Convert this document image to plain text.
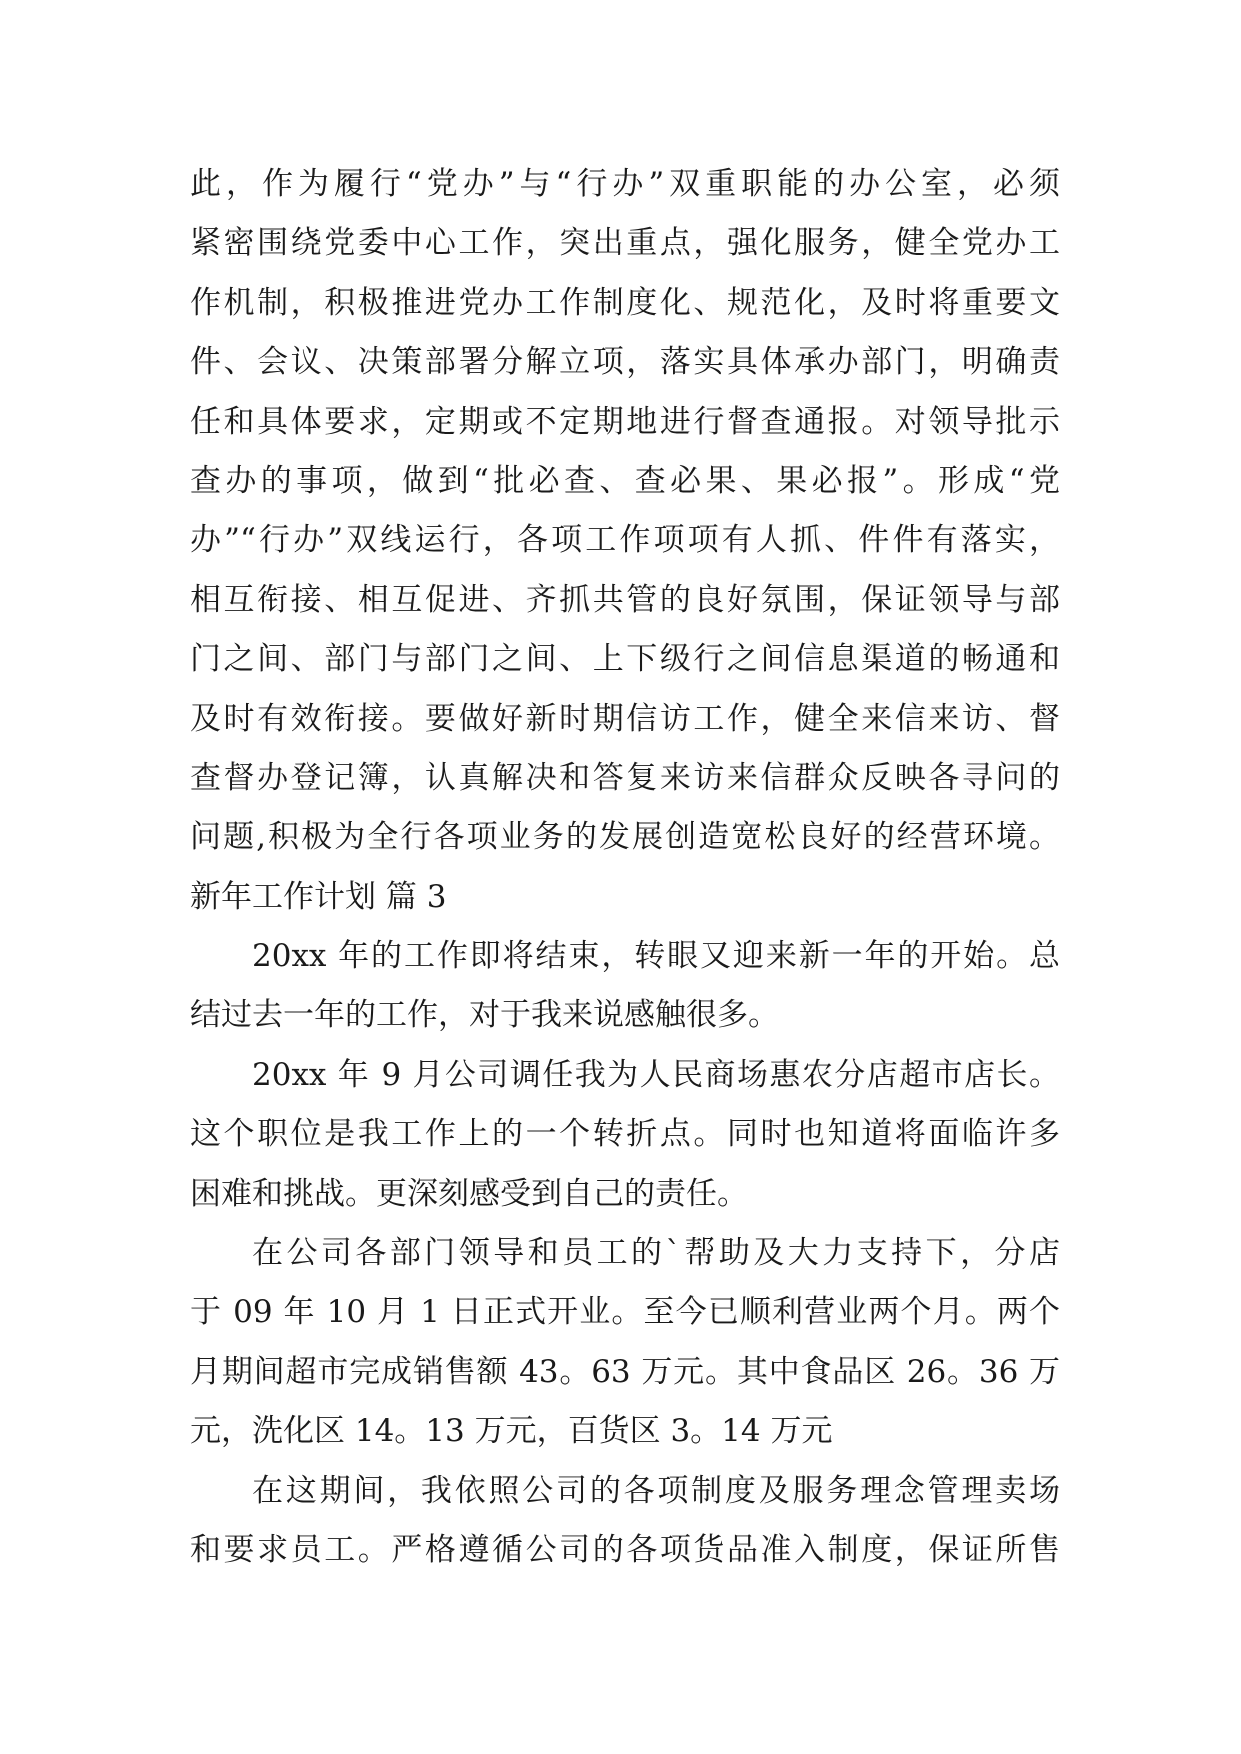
此，作为履行“党办”与“行办”双重职能的办公室，必须
紧密围绕党委中心工作，突出重点，强化服务，健全党办工
作机制，积极推进党办工作制度化、规范化，及时将重要文
件、会议、决策部署分解立项，落实具体承办部门，明确责
任和具体要求，定期或不定期地进行督查通报。对领导批示
查办的事项，做到“批必查、查必果、果必报”。形成“党
办”“行办”双线运行，各项工作项项有人抓、件件有落实，
相互衔接、相互促进、齐抓共管的良好氛围，保证领导与部
门之间、部门与部门之间、上下级行之间信息渠道的畅通和
及时有效衔接。要做好新时期信访工作，健全来信来访、督
查督办登记簿，认真解决和答复来访来信群众反映各寻问的
问题,积极为全行各项业务的发展创造宽松良好的经营环境。
新年工作计划 篇 3
20xx 年的工作即将结束，转眼又迎来新一年的开始。总
结过去一年的工作，对于我来说感触很多。
20xx 年 9 月公司调任我为人民商场惠农分店超市店长。
这个职位是我工作上的一个转折点。同时也知道将面临许多
困难和挑战。更深刻感受到自己的责任。
在公司各部门领导和员工的`帮助及大力支持下，分店
于 09 年 10 月 1 日正式开业。至今已顺利营业两个月。两个
月期间超市完成销售额 43。63 万元。其中食品区 26。36 万
元，洗化区 14。13 万元，百货区 3。14 万元
在这期间，我依照公司的各项制度及服务理念管理卖场
和要求员工。严格遵循公司的各项货品准入制度，保证所售
